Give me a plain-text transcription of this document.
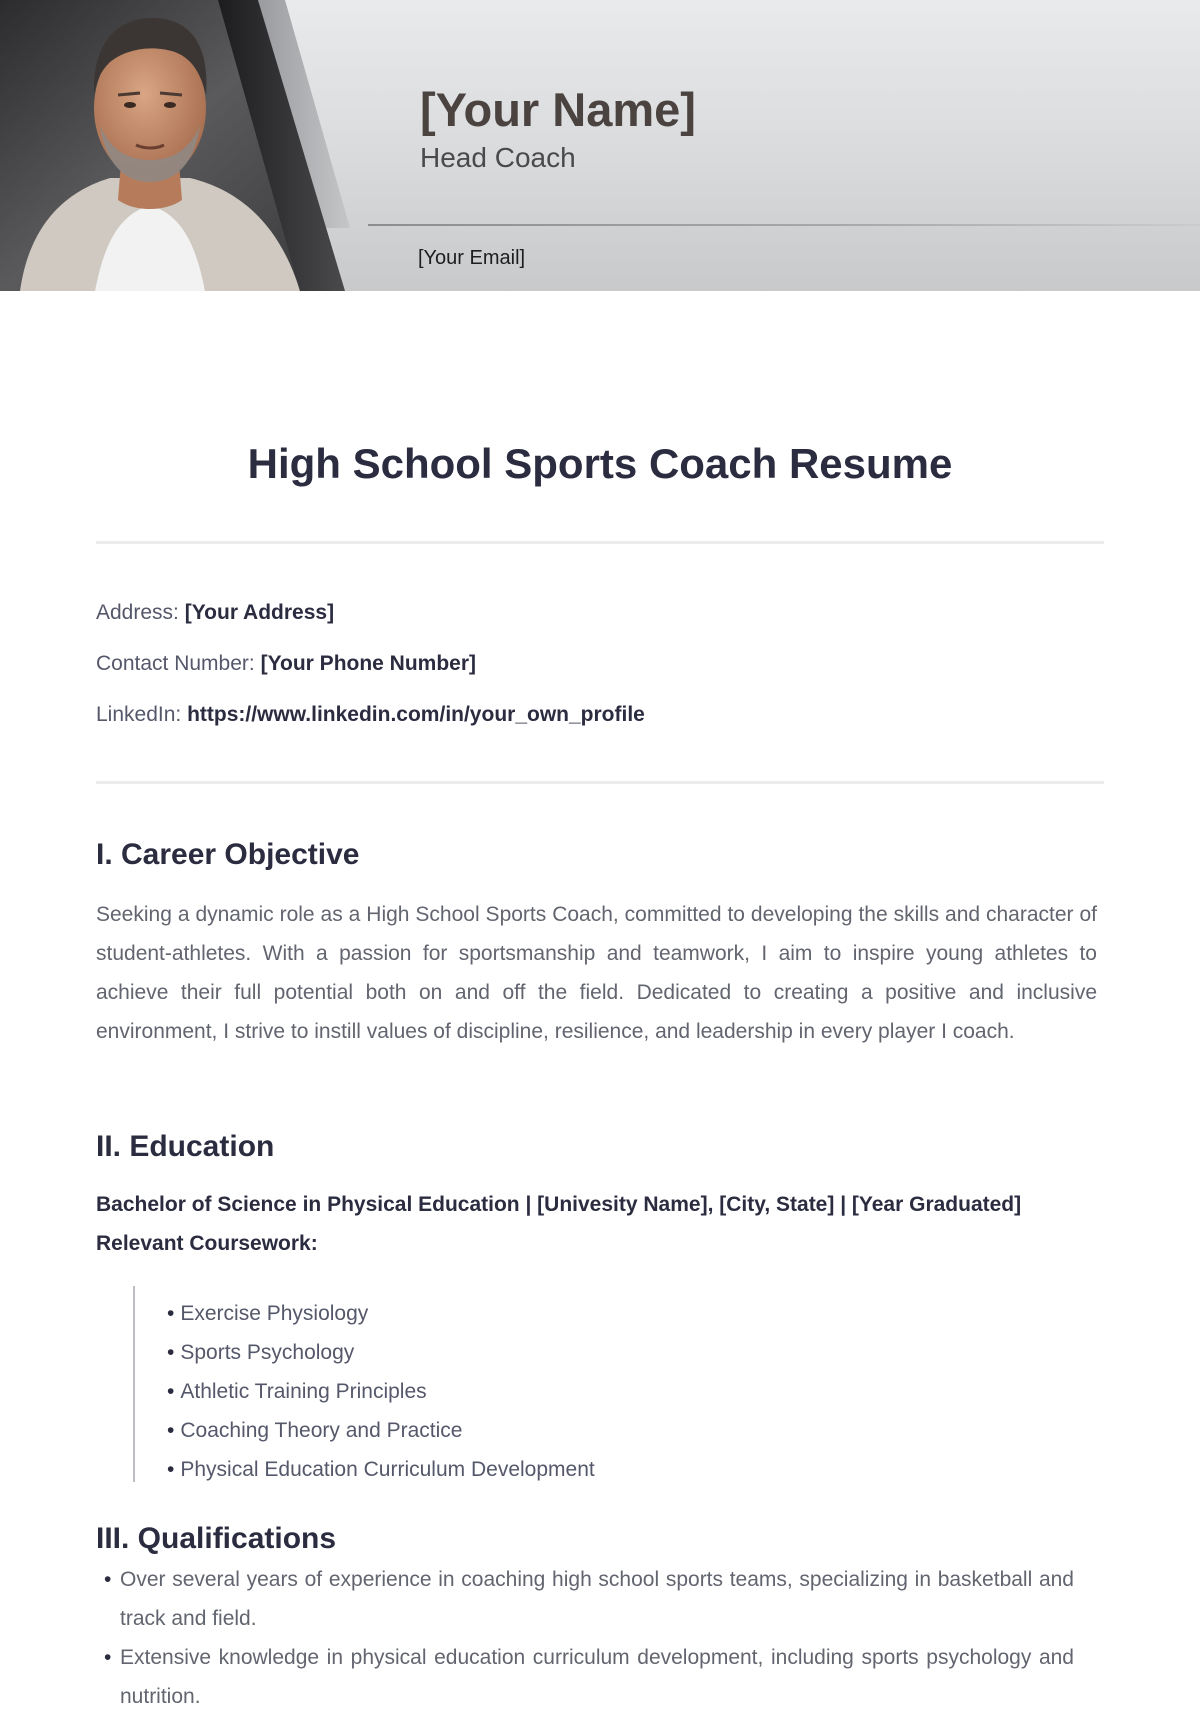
[Your Name]
Head Coach
[Your Email]
High School Sports Coach Resume
Address: [Your Address]
Contact Number: [Your Phone Number]
LinkedIn: https://www.linkedin.com/in/your_own_profile
I. Career Objective
Seeking a dynamic role as a High School Sports Coach, committed to developing the skills and character of student-athletes. With a passion for sportsmanship and teamwork, I aim to inspire young athletes to achieve their full potential both on and off the field. Dedicated to creating a positive and inclusive environment, I strive to instill values of discipline, resilience, and leadership in every player I coach.
II. Education
Bachelor of Science in Physical Education | [Univesity Name], [City, State] | [Year Graduated]
Relevant Coursework:
• Exercise Physiology
• Sports Psychology
• Athletic Training Principles
• Coaching Theory and Practice
• Physical Education Curriculum Development
III. Qualifications
• Over several years of experience in coaching high school sports teams, specializing in basketball and track and field.
• Extensive knowledge in physical education curriculum development, including sports psychology and nutrition.
